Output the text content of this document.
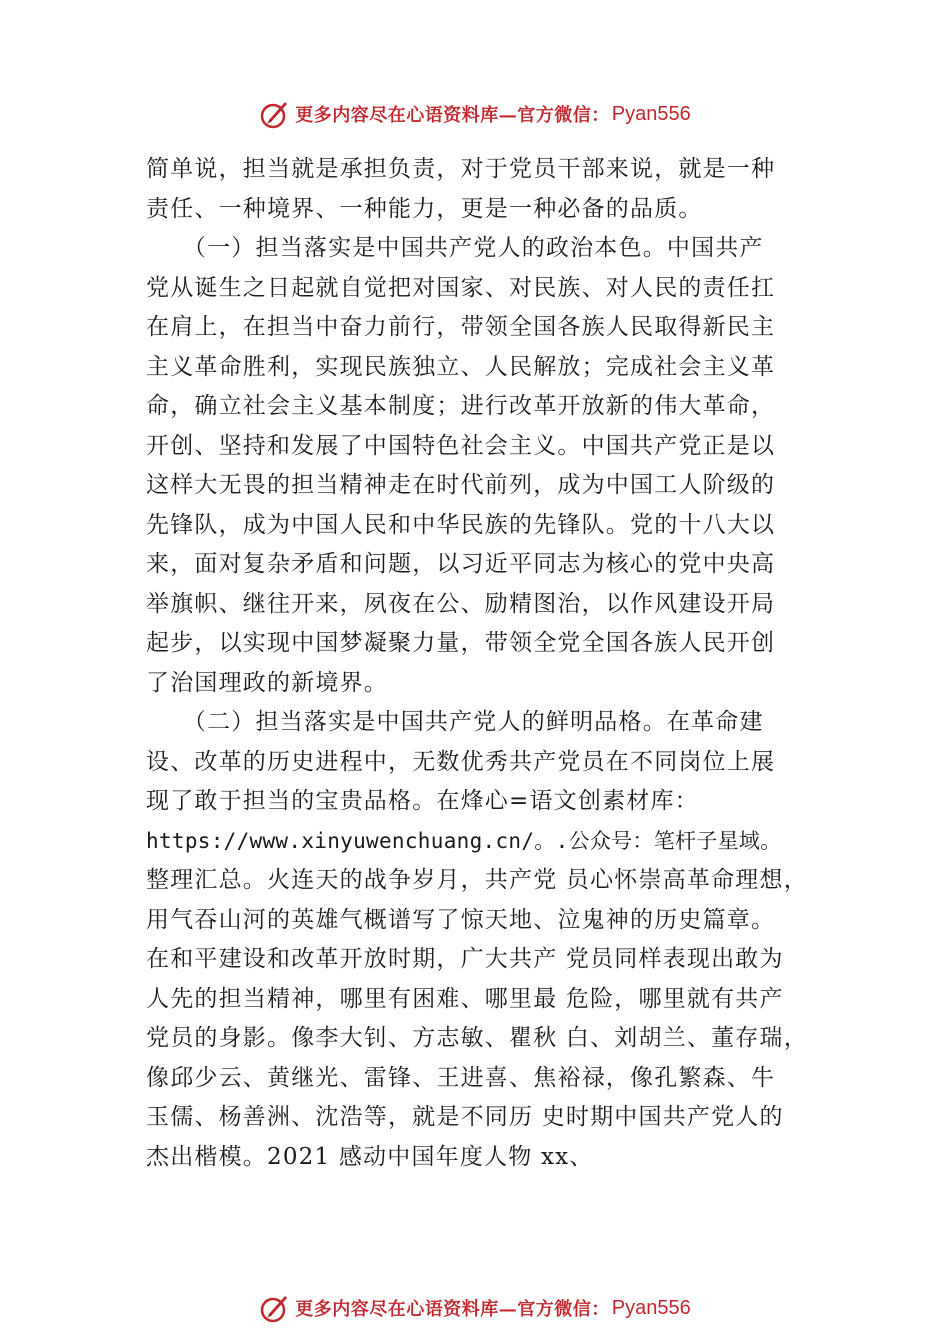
更多内容尽在心语资料库—官方微信： Pyan556
简单说，担当就是承担负责，对于党员干部来说，就是一种
责任、一种境界、一种能力，更是一种必备的品质。
　　（一）担当落实是中国共产党人的政治本色。中国共产
党从诞生之日起就自觉把对国家、对民族、对人民的责任扛
在肩上，在担当中奋力前行，带领全国各族人民取得新民主
主义革命胜利，实现民族独立、人民解放；完成社会主义革
命，确立社会主义基本制度；进行改革开放新的伟大革命，
开创、坚持和发展了中国特色社会主义。中国共产党正是以
这样大无畏的担当精神走在时代前列，成为中国工人阶级的
先锋队，成为中国人民和中华民族的先锋队。党的十八大以
来，面对复杂矛盾和问题，以习近平同志为核心的党中央高
举旗帜、继往开来，夙夜在公、励精图治，以作风建设开局
起步，以实现中国梦凝聚力量，带领全党全国各族人民开创
了治国理政的新境界。
　　（二）担当落实是中国共产党人的鲜明品格。在革命建
设、改革的历史进程中，无数优秀共产党员在不同岗位上展
现了敢于担当的宝贵品格。在烽心=语文创素材库：
https://www.xinyuwenchuang.cn/。.公众号：笔杆子星域。
整理汇总。火连天的战争岁月，共产党 员心怀崇高革命理想，
用气吞山河的英雄气概谱写了惊天地、泣鬼神的历史篇章。
在和平建设和改革开放时期，广大共产 党员同样表现出敢为
人先的担当精神，哪里有困难、哪里最 危险，哪里就有共产
党员的身影。像李大钊、方志敏、瞿秋 白、刘胡兰、董存瑞，
像邱少云、黄继光、雷锋、王进喜、焦裕禄，像孔繁森、牛
玉儒、杨善洲、沈浩等，就是不同历 史时期中国共产党人的
杰出楷模。2021 感动中国年度人物 xx、
更多内容尽在心语资料库—官方微信： Pyan556
